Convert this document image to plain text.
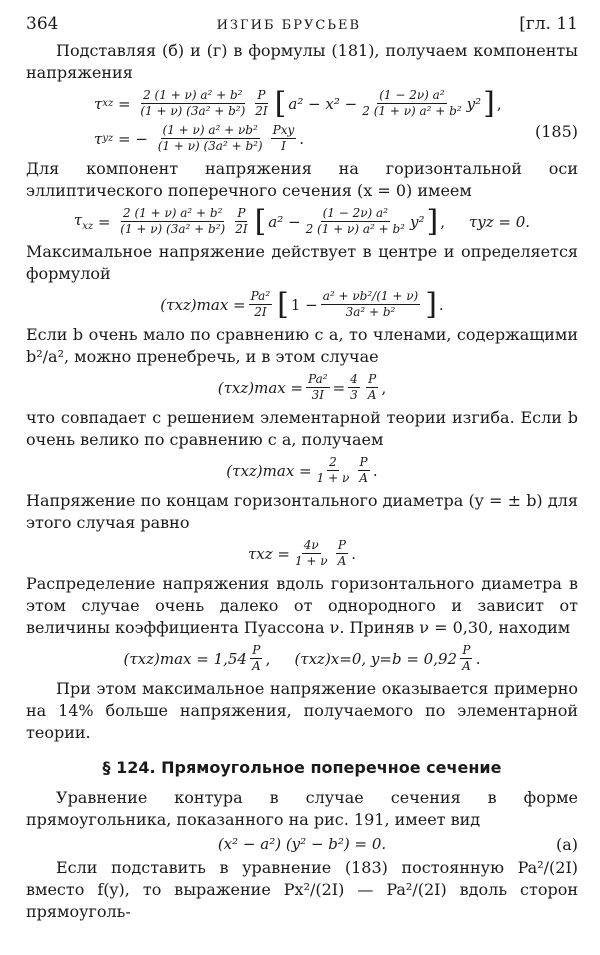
364	ИЗГИБ БРУСЬЕВ	[гл. 11

Подставляя (б) и (г) в формулы (181), получаем компоненты напряжения

τ xz = $\frac{\text{2 (1 + ν) a² + b²}}{\text{(1 + ν) (3a² + b²)}} \frac{P}{2I}$ [ $a^2 - x^2 - \frac{\text{(1 − 2ν) a²}}{\text{2 (1 + ν) a² + b²}} y^2$ ] ,
(185)
τ yz = − $\frac{\text{(1 + ν) a² + νb²}}{\text{(1 + ν) (3a² + b²)}} \frac{\text{Pxy}}{I}$ .

Для компонент напряжения на горизонтальной оси эллиптического поперечного сечения (x = 0) имеем

$\tau_{xz} = \frac{\text{2 (1 + ν) a² + b²}}{\text{(1 + ν) (3a² + b²)}} \frac{P}{2I}$ [ $a^2 - \frac{\text{(1 − 2ν) a²}}{\text{2 (1 + ν) a² + b²}} y^2$ ] , τyz = 0.

Максимальное напряжение действует в центре и определяется формулой

$(\tau xz)\max = \frac{\text{Pa²}}{2I}$ [ $1 - \frac{\text{a² + νb²/(1 + ν)}}{\text{3a² + b²}}$ ] .

Если b очень мало по сравнению с a, то членами, содержащими b²/a², можно пренебречь, и в этом случае

$(\tau xz)\max = \frac{\text{Pa²}}{3I} = \frac{4}{3} \frac{P}{A}$ ,

что совпадает с решением элементарной теории изгиба. Если b очень велико по сравнению с a, получаем

$(\tau xz)\max = \frac{2}{1 + \nu} \frac{P}{A}$ .

Напряжение по концам горизонтального диаметра (y = ± b) для этого случая равно

$\tau xz = \frac{4\nu}{1 + \nu} \frac{P}{A}$ .

Распределение напряжения вдоль горизонтального диаметра в этом случае очень далеко от однородного и зависит от величины коэффициента Пуассона ν. Приняв ν = 0,30, находим

$(\tau xz)\max = 1,54 \frac{P}{A}$ , (τxz)x=0, $y=b = 0,92 \frac{P}{A}$ .

При этом максимальное напряжение оказывается примерно на 14% больше напряжения, получаемого по элементарной теории.

§ 124. Прямоугольное поперечное сечение

Уравнение контура в случае сечения в форме прямоугольника, показанного на рис. 191, имеет вид

(x² − a²) (y² − b²) = 0.	(a)

Если подставить в уравнение (183) постоянную Pa²/(2I) вместо f(y), то выражение Px²/(2I) — Pa²/(2I) вдоль сторон прямоуголь-
